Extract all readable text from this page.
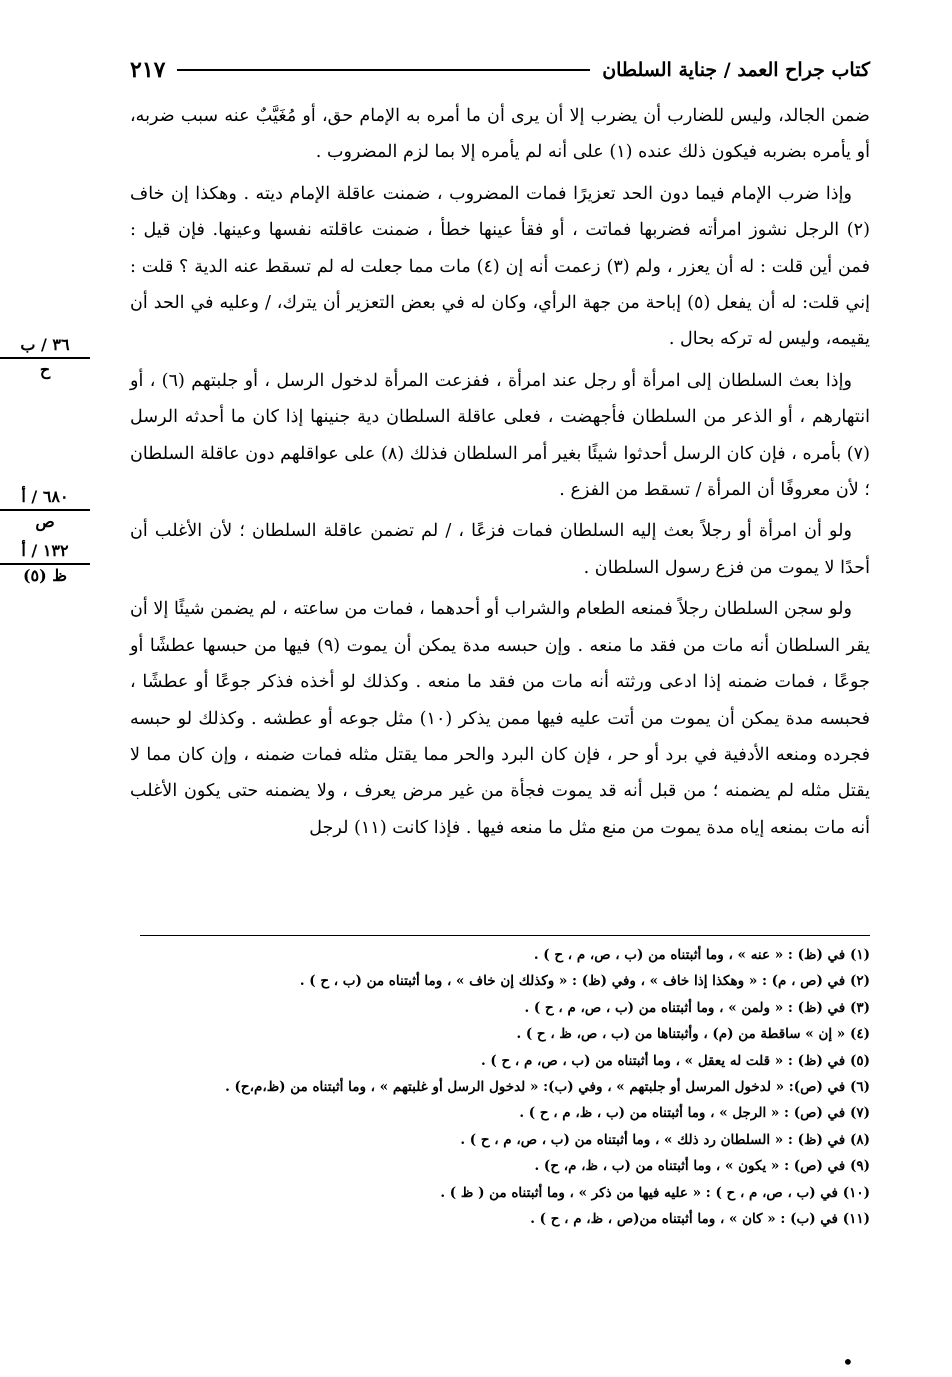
كتاب جراح العمد / جناية السلطان
٢١٧
٣٦ / ب
ح
٦٨٠ / أ
ص
١٣٢ / أ
ظ (٥)

ضمن الجالد، وليس للضارب أن يضرب إلا أن يرى أن ما أمره به الإمام حق، أو مُغَيَّبٌ عنه سبب ضربه، أو يأمره بضربه فيكون ذلك عنده (١) على أنه لم يأمره إلا بما لزم المضروب .

وإذا ضرب الإمام فيما دون الحد تعزيرًا فمات المضروب ، ضمنت عاقلة الإمام ديته . وهكذا إن خاف (٢) الرجل نشوز امرأته فضربها فماتت ، أو فقأ عينها خطأ ، ضمنت عاقلته نفسها وعينها. فإن قيل : فمن أين قلت : له أن يعزر ، ولم (٣) زعمت أنه إن (٤) مات مما جعلت له لم تسقط عنه الدية ؟ قلت : إني قلت: له أن يفعل (٥) إباحة من جهة الرأي، وكان له في بعض التعزير أن يترك، / وعليه في الحد أن يقيمه، وليس له تركه بحال .

وإذا بعث السلطان إلى امرأة أو رجل عند امرأة ، ففزعت المرأة لدخول الرسل ، أو جلبتهم (٦) ، أو انتهارهم ، أو الذعر من السلطان فأجهضت ، فعلى عاقلة السلطان دية جنينها إذا كان ما أحدثه الرسل (٧) بأمره ، فإن كان الرسل أحدثوا شيئًا بغير أمر السلطان فذلك (٨) على عواقلهم دون عاقلة السلطان ؛ لأن معروفًا أن المرأة / تسقط من الفزع .

ولو أن امرأة أو رجلاً بعث إليه السلطان فمات فزعًا ، / لم تضمن عاقلة السلطان ؛ لأن الأغلب أن أحدًا لا يموت من فزع رسول السلطان .

ولو سجن السلطان رجلاً فمنعه الطعام والشراب أو أحدهما ، فمات من ساعته ، لم يضمن شيئًا إلا أن يقر السلطان أنه مات من فقد ما منعه . وإن حبسه مدة يمكن أن يموت (٩) فيها من حبسها عطشًا أو جوعًا ، فمات ضمنه إذا ادعى ورثته أنه مات من فقد ما منعه . وكذلك لو أخذه فذكر جوعًا أو عطشًا ، فحبسه مدة يمكن أن يموت من أتت عليه فيها ممن يذكر (١٠) مثل جوعه أو عطشه . وكذلك لو حبسه فجرده ومنعه الأدفية في برد أو حر ، فإن كان البرد والحر مما يقتل مثله فمات ضمنه ، وإن كان مما لا يقتل مثله لم يضمنه ؛ من قبل أنه قد يموت فجأة من غير مرض يعرف ، ولا يضمنه حتى يكون الأغلب أنه مات بمنعه إياه مدة يموت من منع مثل ما منعه فيها . فإذا كانت (١١) لرجل

(١) في (ظ) : « عنه » ، وما أثبتناه من (ب ، ص، م ، ح ) .
(٢) في (ص ، م) : « وهكذا إذا خاف » ، وفي (ظ) : « وكذلك إن خاف » ، وما أثبتناه من (ب ، ح ) .
(٣) في (ظ) : « ولمن » ، وما أثبتناه من (ب ، ص، م ، ح ) .
(٤) « إن » ساقطة من (م) ، وأثبتناها من (ب ، ص، ظ ، ح ) .
(٥) في (ظ) : « قلت له يعقل » ، وما أثبتناه من (ب ، ص، م ، ح ) .
(٦) في (ص): « لدخول المرسل أو جلبتهم » ، وفي (ب): « لدخول الرسل أو غلبتهم » ، وما أثبتناه من (ظ،م،ح) .
(٧) في (ص) : « الرجل » ، وما أثبتناه من (ب ، ظ، م ، ح ) .
(٨) في (ظ) : « السلطان رد ذلك » ، وما أثبتناه من (ب ، ص، م ، ح ) .
(٩) في (ص) : « يكون » ، وما أثبتناه من (ب ، ظ، م، ح) .
(١٠) في (ب ، ص، م ، ح ) : « عليه فيها من ذكر » ، وما أثبتناه من ( ظ ) .
(١١) في (ب) : « كان » ، وما أثبتناه من(ص ، ظ، م ، ح ) .
•
